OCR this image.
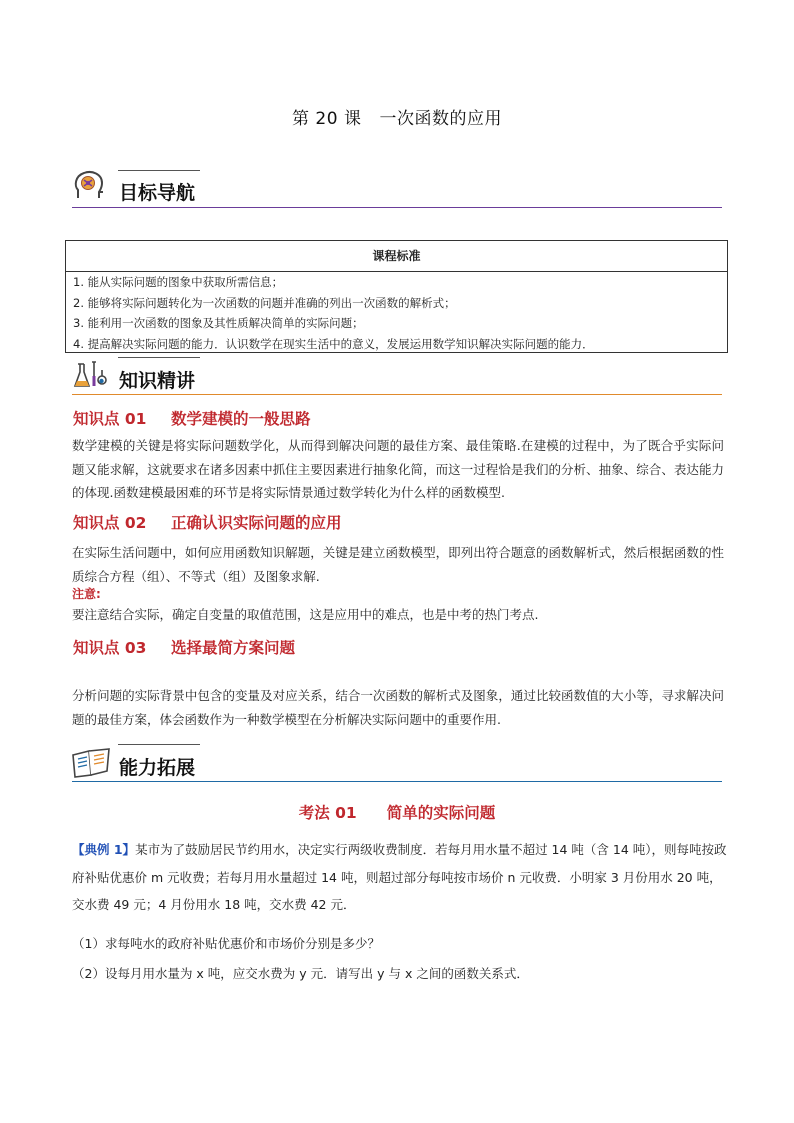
第 20 课 一次函数的应用
目标导航
课程标准
1. 能从实际问题的图象中获取所需信息；
2. 能够将实际问题转化为一次函数的问题并准确的列出一次函数的解析式；
3. 能利用一次函数的图象及其性质解决简单的实际问题；
4. 提高解决实际问题的能力．认识数学在现实生活中的意义，发展运用数学知识解决实际问题的能力．
知识精讲
知识点 01 数学建模的一般思路
数学建模的关键是将实际问题数学化，从而得到解决问题的最佳方案、最佳策略.在建模的过程中，为了既合乎实际问题又能求解，这就要求在诸多因素中抓住主要因素进行抽象化简，而这一过程恰是我们的分析、抽象、综合、表达能力的体现.函数建模最困难的环节是将实际情景通过数学转化为什么样的函数模型.
知识点 02 正确认识实际问题的应用
在实际生活问题中，如何应用函数知识解题，关键是建立函数模型，即列出符合题意的函数解析式，然后根据函数的性质综合方程（组）、不等式（组）及图象求解.
注意:
要注意结合实际，确定自变量的取值范围，这是应用中的难点，也是中考的热门考点.
知识点 03 选择最简方案问题
分析问题的实际背景中包含的变量及对应关系，结合一次函数的解析式及图象，通过比较函数值的大小等，寻求解决问题的最佳方案，体会函数作为一种数学模型在分析解决实际问题中的重要作用.
能力拓展
考法 01 简单的实际问题
【典例 1】某市为了鼓励居民节约用水，决定实行两级收费制度．若每月用水量不超过 14 吨（含 14 吨），则每吨按政府补贴优惠价 m 元收费；若每月用水量超过 14 吨，则超过部分每吨按市场价 n 元收费．小明家 3 月份用水 20 吨，交水费 49 元；4 月份用水 18 吨，交水费 42 元．
（1）求每吨水的政府补贴优惠价和市场价分别是多少？
（2）设每月用水量为 x 吨，应交水费为 y 元．请写出 y 与 x 之间的函数关系式．
